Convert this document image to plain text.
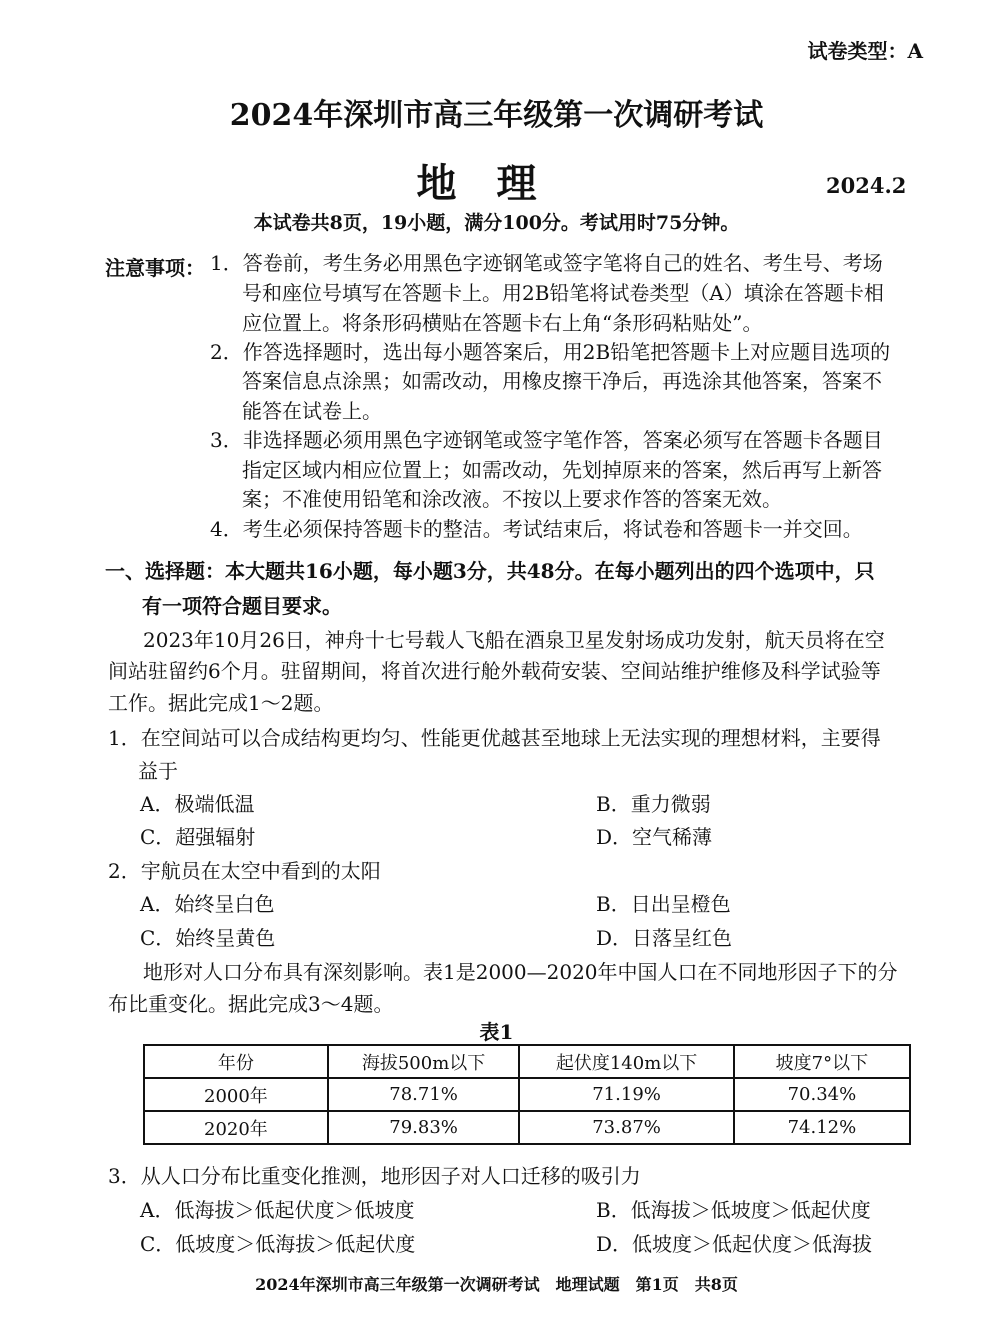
试卷类型：A
2024年深圳市高三年级第一次调研考试
地理	2024.2
本试卷共8页，19小题，满分100分。考试用时75分钟。
注意事项： 1．答卷前，考生务必用黑色字迹钢笔或签字笔将自己的姓名、考生号、考场
号和座位号填写在答题卡上。用2B铅笔将试卷类型（A）填涂在答题卡相
应位置上。将条形码横贴在答题卡右上角“条形码粘贴处”。
2．作答选择题时，选出每小题答案后，用2B铅笔把答题卡上对应题目选项的
答案信息点涂黑；如需改动，用橡皮擦干净后，再选涂其他答案，答案不
能答在试卷上。
3．非选择题必须用黑色字迹钢笔或签字笔作答，答案必须写在答题卡各题目
指定区域内相应位置上；如需改动，先划掉原来的答案，然后再写上新答
案；不准使用铅笔和涂改液。不按以上要求作答的答案无效。
4．考生必须保持答题卡的整洁。考试结束后，将试卷和答题卡一并交回。
一、选择题：本大题共16小题，每小题3分，共48分。在每小题列出的四个选项中，只
有一项符合题目要求。
2023年10月26日，神舟十七号载人飞船在酒泉卫星发射场成功发射，航天员将在空
间站驻留约6个月。驻留期间，将首次进行舱外载荷安装、空间站维护维修及科学试验等
工作。据此完成1～2题。
1．在空间站可以合成结构更均匀、性能更优越甚至地球上无法实现的理想材料，主要得
益于
A．极端低温	B．重力微弱
C．超强辐射	D．空气稀薄
2．宇航员在太空中看到的太阳
A．始终呈白色	B．日出呈橙色
C．始终呈黄色	D．日落呈红色
地形对人口分布具有深刻影响。表1是2000—2020年中国人口在不同地形因子下的分
布比重变化。据此完成3～4题。
表1
年份	海拔500m以下	起伏度140m以下	坡度7°以下
2000年	78.71%	71.19%	70.34%
2020年	79.83%	73.87%	74.12%
3．从人口分布比重变化推测，地形因子对人口迁移的吸引力
A．低海拔＞低起伏度＞低坡度	B．低海拔＞低坡度＞低起伏度
C．低坡度＞低海拔＞低起伏度	D．低坡度＞低起伏度＞低海拔
2024年深圳市高三年级第一次调研考试　地理试题　第1页　共8页
